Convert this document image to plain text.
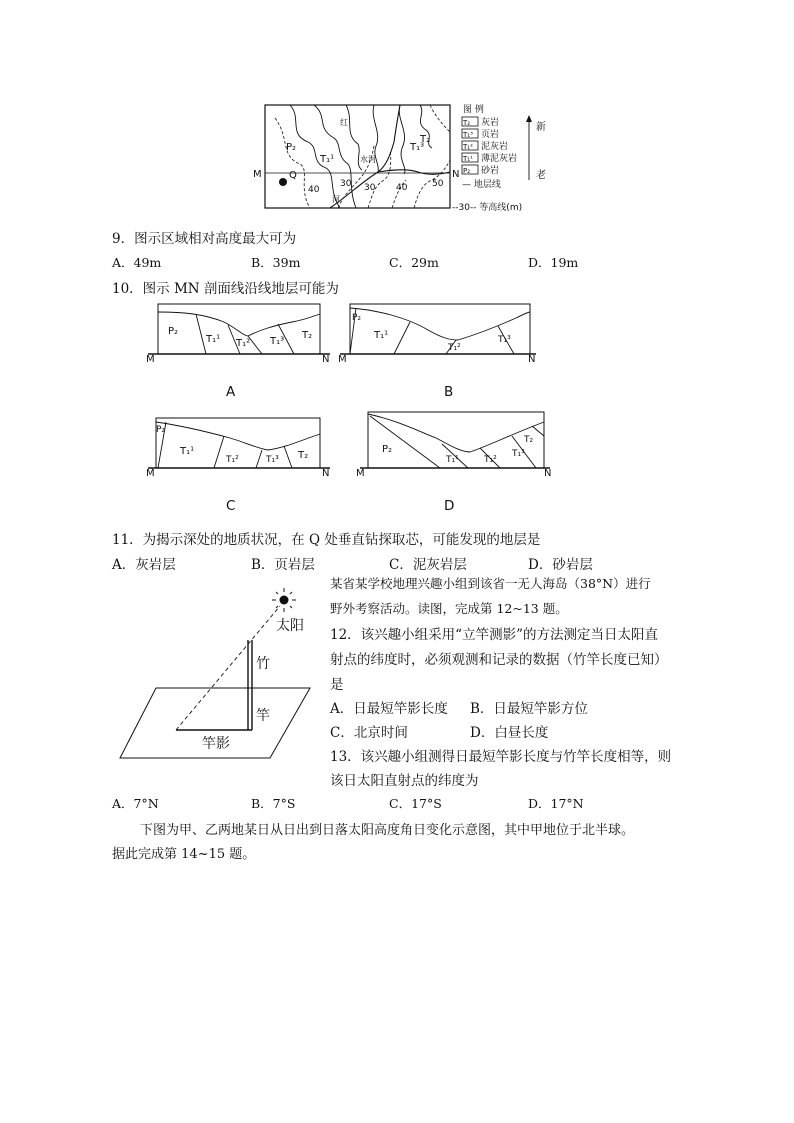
P₂
T₁¹
T₁³
T₂
M	N
Q
红
水河
河
40
30 30 40	50
图 例
T₂ 灰岩
T₁³ 页岩
T₁² 泥灰岩
T₁¹ 薄泥灰岩
P₂ 砂岩
— 地层线
--30-- 等高线(m)
新
老
9．图示区域相对高度最大可为
A．49m	B．39m	C．29m	D．19m
10．图示 MN 剖面线沿线地层可能为
P₂
T₁¹ T₁² T₁³
T₂
M	N
A
P₂
T₁¹
T₁²
T₁³
M	N
B
P₂
T₁¹
T₁²	T₁³ T₂
M	N
C
P₂
T₁¹	T₁²
T₁³
T₂
M	N
D
11．为揭示深处的地质状况，在 Q 处垂直钻探取芯，可能发现的地层是
A．灰岩层	B．页岩层	C．泥灰岩层	D．砂岩层
太阳
竹
竿
竿影
某省某学校地理兴趣小组到该省一无人海岛（38°N）进行
野外考察活动。读图，完成第 12~13 题。
12．该兴趣小组采用“立竿测影”的方法测定当日太阳直
射点的纬度时，必须观测和记录的数据（竹竿长度已知）
是
A．日最短竿影长度 B．日最短竿影方位
C．北京时间	D．白昼长度
13．该兴趣小组测得日最短竿影长度与竹竿长度相等，则
该日太阳直射点的纬度为
A．7°N	B．7°S	C．17°S	D．17°N
下图为甲、乙两地某日从日出到日落太阳高度角日变化示意图，其中甲地位于北半球。
据此完成第 14~15 题。
